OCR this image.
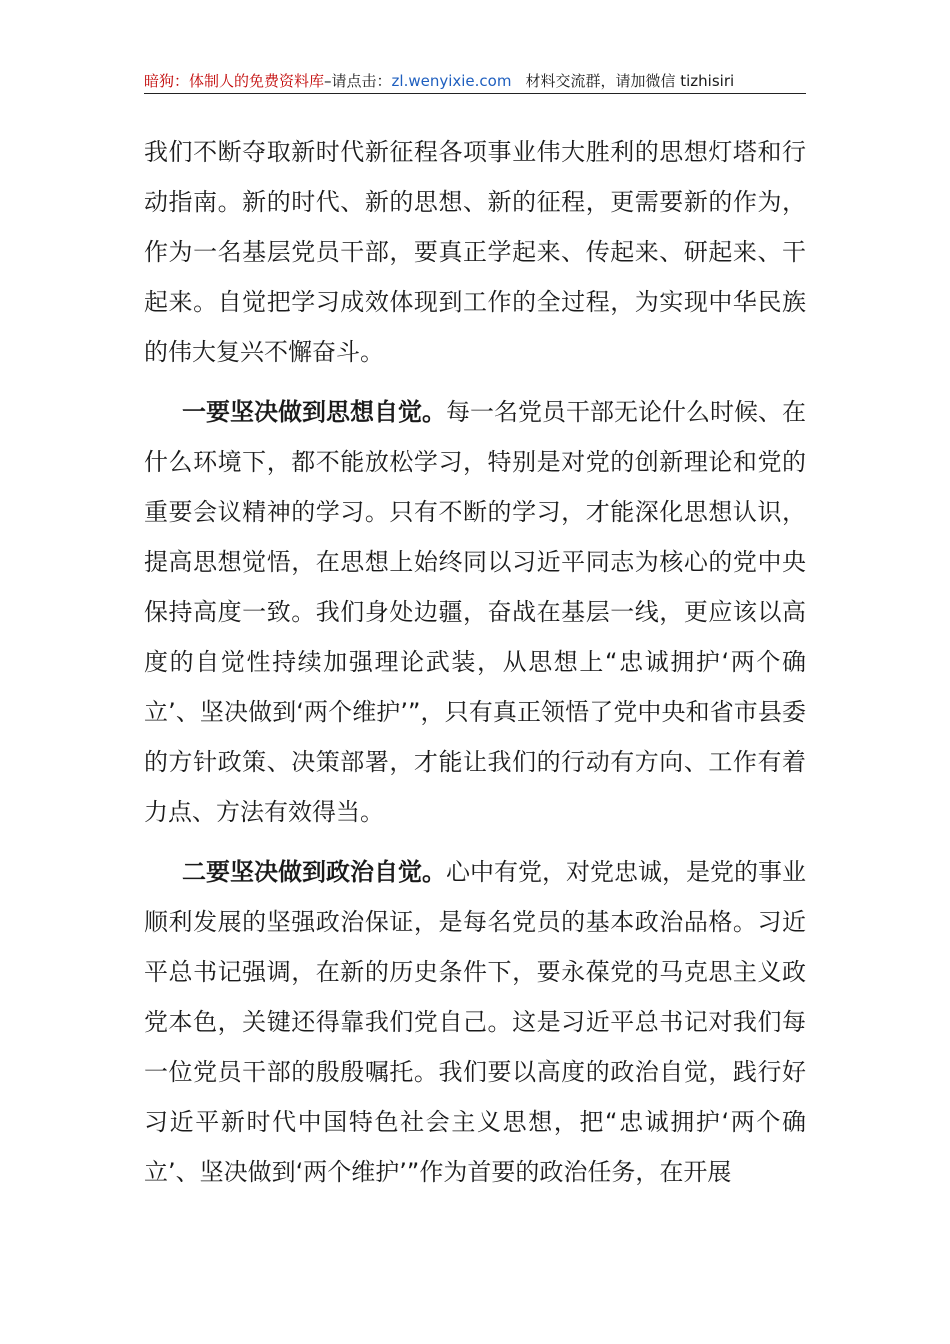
暗狗：体制人的免费资料库–请点击：zl.wenyixie.com 材料交流群，请加微信 tizhisiri

我们不断夺取新时代新征程各项事业伟大胜利的思想灯塔和行动指南。新的时代、新的思想、新的征程，更需要新的作为，作为一名基层党员干部，要真正学起来、传起来、研起来、干起来。自觉把学习成效体现到工作的全过程，为实现中华民族的伟大复兴不懈奋斗。

一要坚决做到思想自觉。每一名党员干部无论什么时候、在什么环境下，都不能放松学习，特别是对党的创新理论和党的重要会议精神的学习。只有不断的学习，才能深化思想认识，提高思想觉悟，在思想上始终同以习近平同志为核心的党中央保持高度一致。我们身处边疆，奋战在基层一线，更应该以高度的自觉性持续加强理论武装，从思想上“忠诚拥护‘两个确立’、坚决做到‘两个维护’”，只有真正领悟了党中央和省市县委的方针政策、决策部署，才能让我们的行动有方向、工作有着力点、方法有效得当。

二要坚决做到政治自觉。心中有党，对党忠诚，是党的事业顺利发展的坚强政治保证，是每名党员的基本政治品格。习近平总书记强调，在新的历史条件下，要永葆党的马克思主义政党本色，关键还得靠我们党自己。这是习近平总书记对我们每一位党员干部的殷殷嘱托。我们要以高度的政治自觉，践行好习近平新时代中国特色社会主义思想，把“忠诚拥护‘两个确立’、坚决做到‘两个维护’”作为首要的政治任务，在开展
